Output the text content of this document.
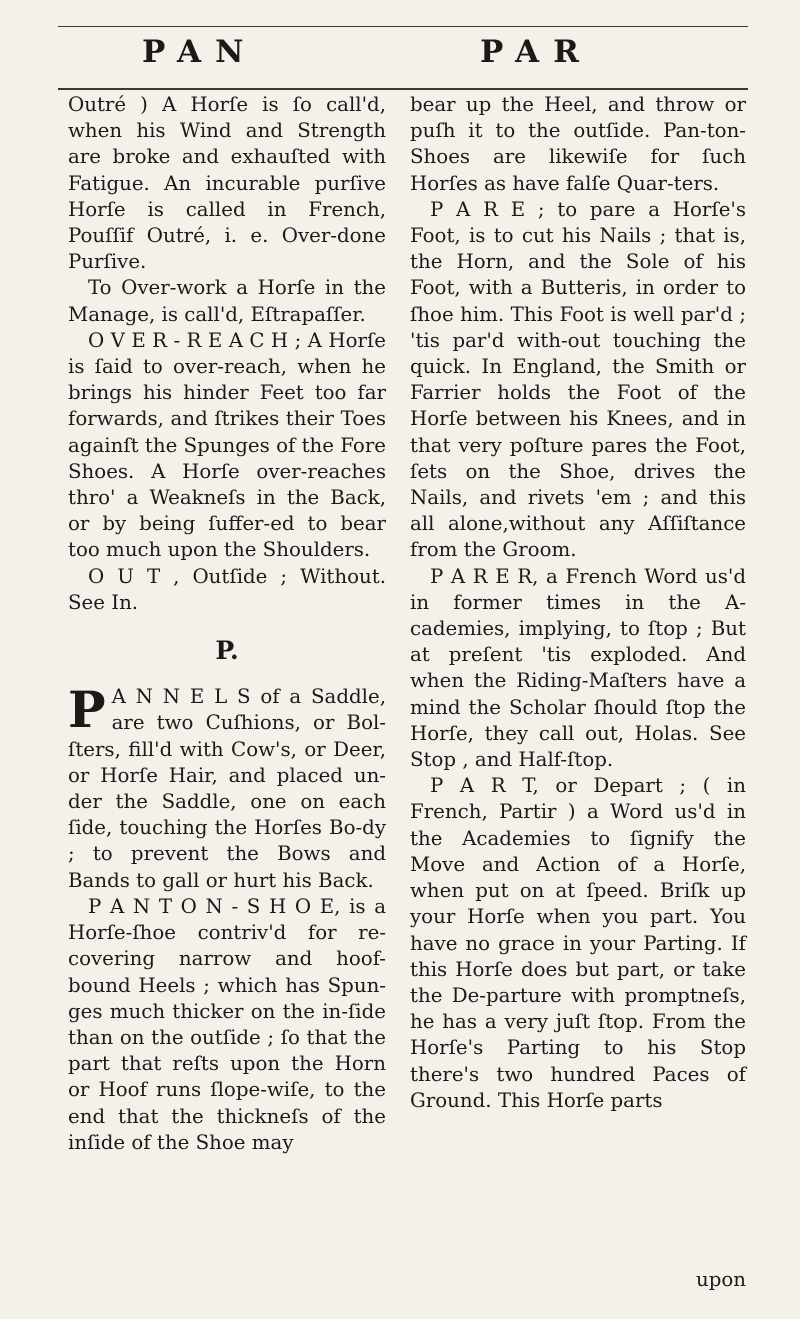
PAN	PAR

Outré ) A Horſe is ſo call'd, when his Wind and Strength are broke and exhauſted with Fatigue. An incurable purſive Horſe is called in French, Pouſſif Outré, i. e. Over-done Purſive.

To Over-work a Horſe in the Manage, is call'd, Eſtrapaſſer.

O V E R - R E A C H ; A Horſe is ſaid to over-reach, when he brings his hinder Feet too far forwards, and ſtrikes their Toes againſt the Spunges of the Fore Shoes. A Horſe over-reaches thro' a Weakneſs in the Back, or by being ſuffer-ed to bear too much upon the Shoulders.

O U T , Outſide ; Without. See In.

P.

P A N N E L S of a Saddle, are two Cuſhions, or Bol-ſters, fill'd with Cow's, or Deer, or Horſe Hair, and placed un-der the Saddle, one on each ſide, touching the Horſes Bo-dy ; to prevent the Bows and Bands to gall or hurt his Back.

P A N T O N - S H O E, is a Horſe-ſhoe contriv'd for re-covering narrow and hoof-bound Heels ; which has Spun-ges much thicker on the in-ſide than on the outſide ; ſo that the part that reſts upon the Horn or Hoof runs ſlope-wiſe, to the end that the thickneſs of the inſide of the Shoe may

bear up the Heel, and throw or puſh it to the outſide. Pan-ton-Shoes are likewiſe for ſuch Horſes as have falſe Quar-ters.

P A R E ; to pare a Horſe's Foot, is to cut his Nails ; that is, the Horn, and the Sole of his Foot, with a Butteris, in order to ſhoe him. This Foot is well par'd ; 'tis par'd with-out touching the quick. In England, the Smith or Farrier holds the Foot of the Horſe between his Knees, and in that very poſture pares the Foot, ſets on the Shoe, drives the Nails, and rivets 'em ; and this all alone,without any Aſſiſtance from the Groom.

P A R E R, a French Word us'd in former times in the A-cademies, implying, to ſtop ; But at preſent 'tis exploded. And when the Riding-Maſters have a mind the Scholar ſhould ſtop the Horſe, they call out, Holas. See Stop , and Half-ſtop.

P A R T, or Depart ; ( in French, Partir ) a Word us'd in the Academies to ſignify the Move and Action of a Horſe, when put on at ſpeed. Briſk up your Horſe when you part. You have no grace in your Parting. If this Horſe does but part, or take the De-parture with promptneſs, he has a very juſt ſtop. From the Horſe's Parting to his Stop there's two hundred Paces of Ground. This Horſe parts

upon
